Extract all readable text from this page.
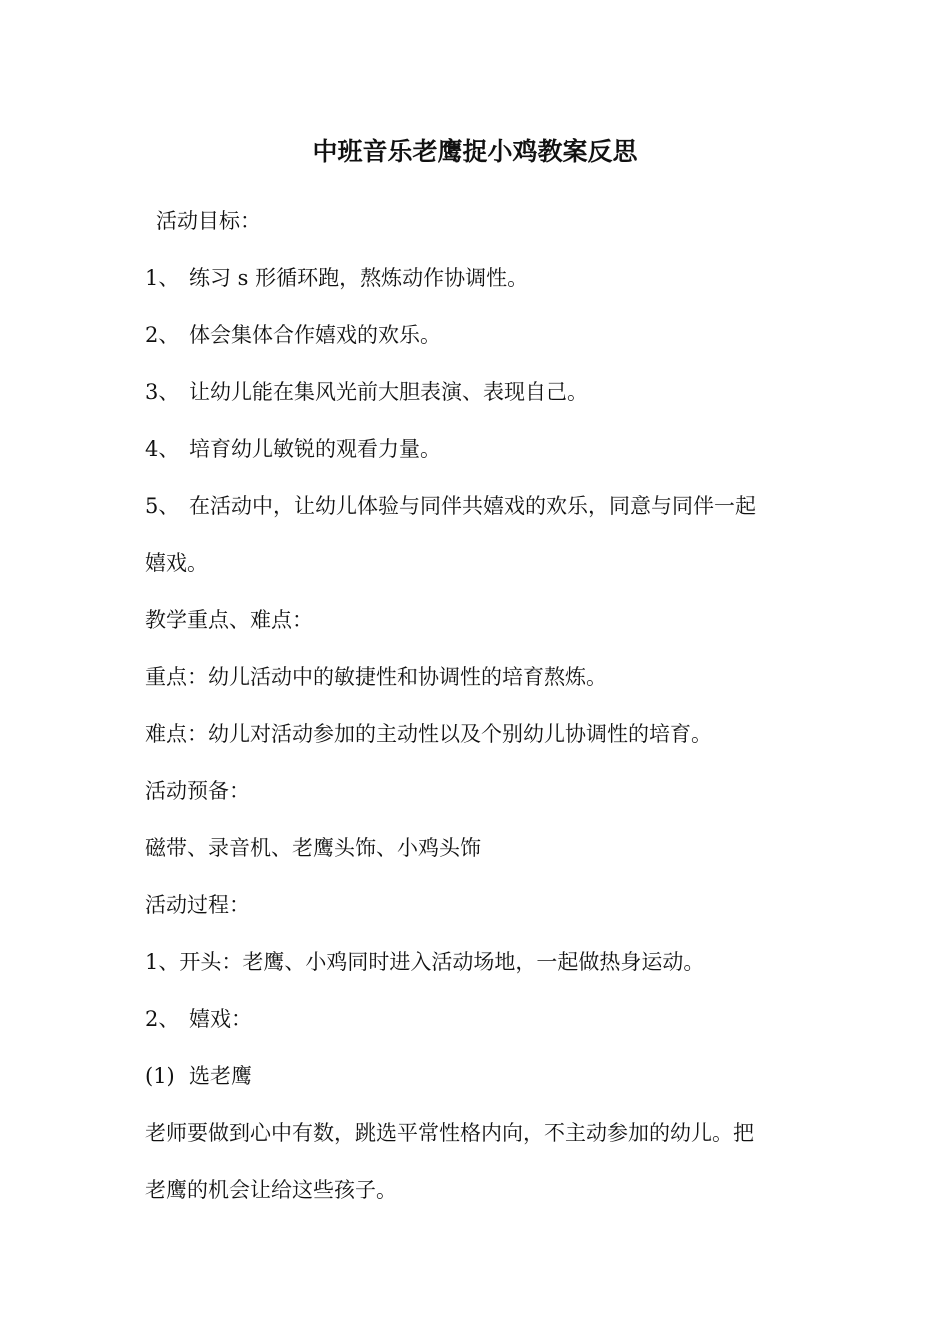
中班音乐老鹰捉小鸡教案反思
活动目标：
1、 练习 s 形循环跑，熬炼动作协调性。
2、 体会集体合作嬉戏的欢乐。
3、 让幼儿能在集风光前大胆表演、表现自己。
4、 培育幼儿敏锐的观看力量。
5、 在活动中，让幼儿体验与同伴共嬉戏的欢乐，同意与同伴一起
嬉戏。
教学重点、难点：
重点：幼儿活动中的敏捷性和协调性的培育熬炼。
难点：幼儿对活动参加的主动性以及个别幼儿协调性的培育。
活动预备：
磁带、录音机、老鹰头饰、小鸡头饰
活动过程：
1、开头：老鹰、小鸡同时进入活动场地，一起做热身运动。
2、 嬉戏：
(1) 选老鹰
老师要做到心中有数，跳选平常性格内向，不主动参加的幼儿。把
老鹰的机会让给这些孩子。
